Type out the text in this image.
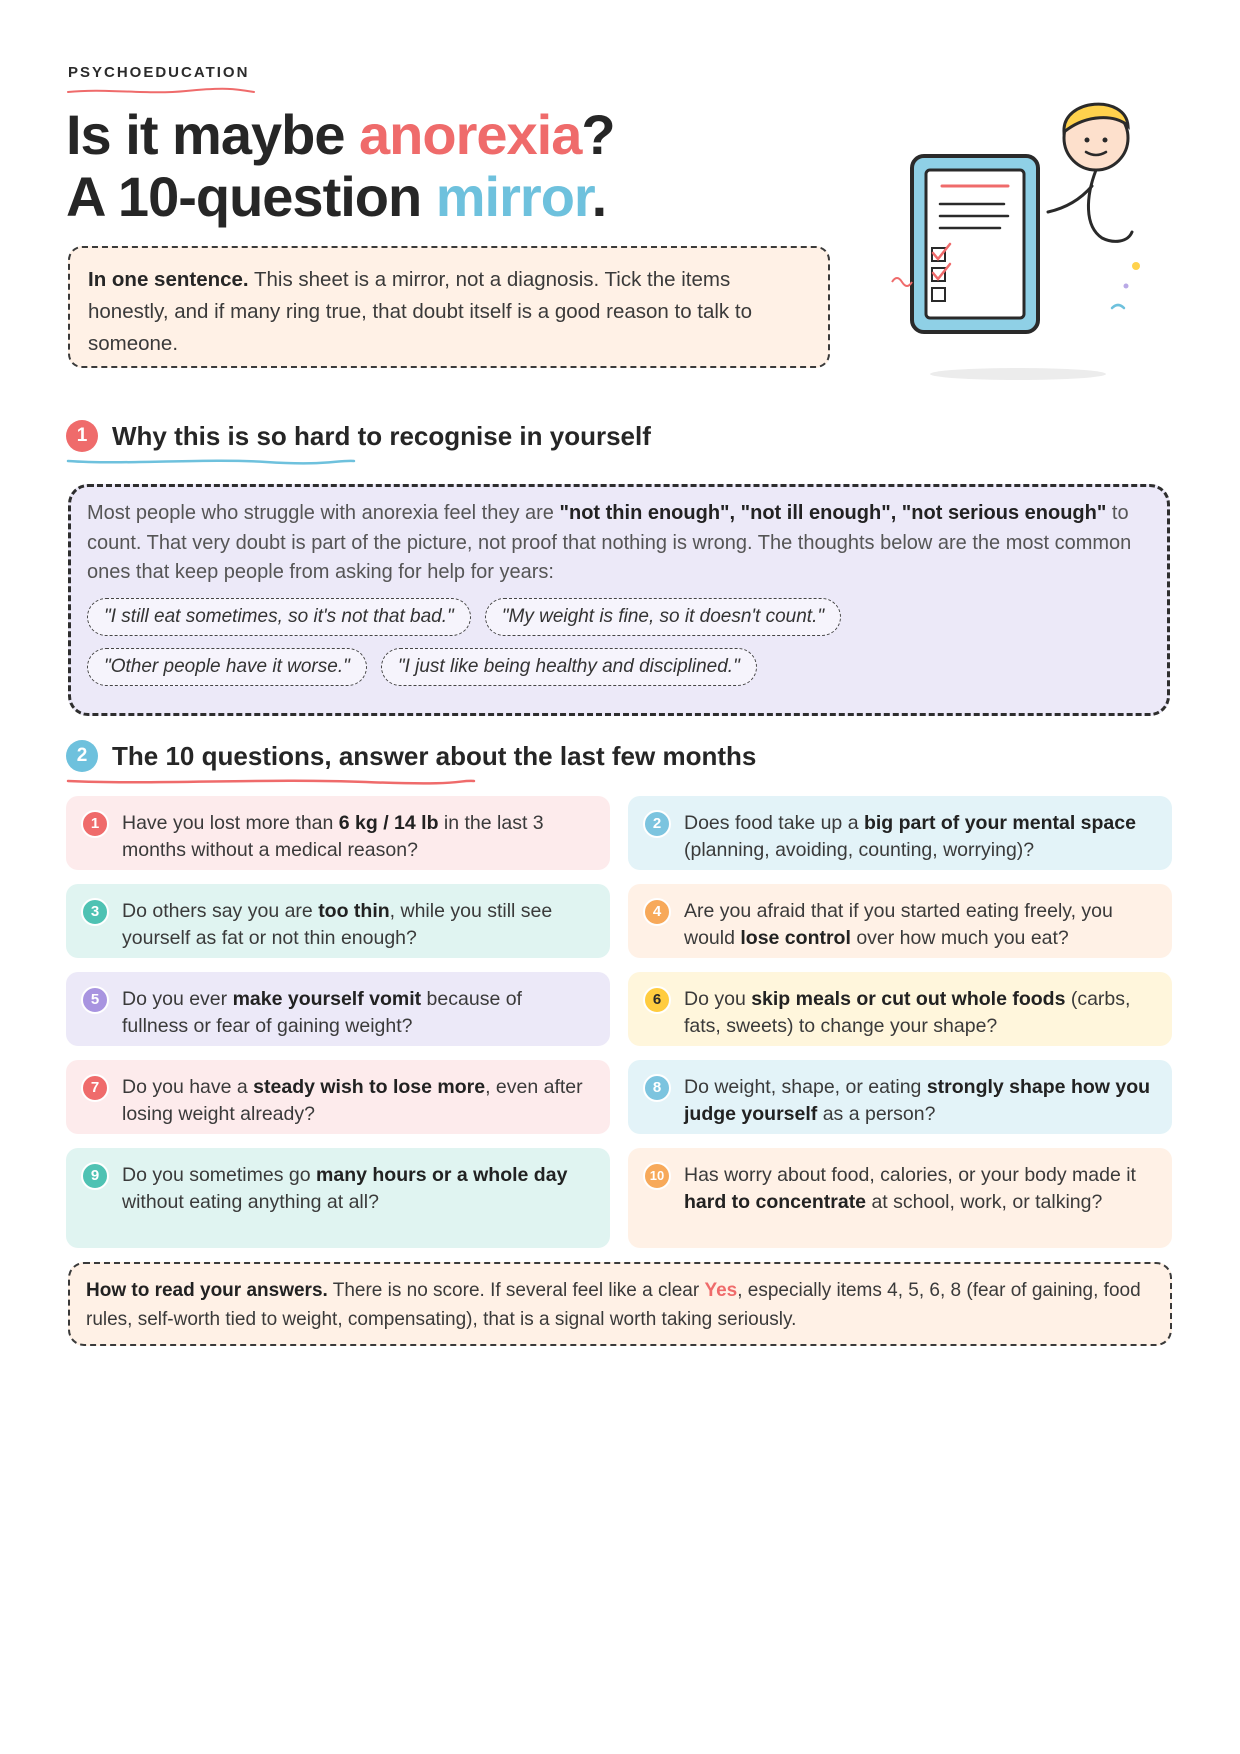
PSYCHOEDUCATION
Is it maybe anorexia?
A 10-question mirror.
In one sentence. This sheet is a mirror, not a diagnosis. Tick the items honestly, and if many ring true, that doubt itself is a good reason to talk to someone.
1 Why this is so hard to recognise in yourself
Most people who struggle with anorexia feel they are "not thin enough", "not ill enough", "not serious enough" to count. That very doubt is part of the picture, not proof that nothing is wrong. The thoughts below are the most common ones that keep people from asking for help for years:
"I still eat sometimes, so it's not that bad."	"My weight is fine, so it doesn't count."
"Other people have it worse."	"I just like being healthy and disciplined."
2 The 10 questions, answer about the last few months
1	Have you lost more than 6 kg / 14 lb in the last 3 months without a medical reason?
2	Does food take up a big part of your mental space (planning, avoiding, counting, worrying)?
3	Do others say you are too thin, while you still see yourself as fat or not thin enough?
4	Are you afraid that if you started eating freely, you would lose control over how much you eat?
5	Do you ever make yourself vomit because of fullness or fear of gaining weight?
6	Do you skip meals or cut out whole foods (carbs, fats, sweets) to change your shape?
7	Do you have a steady wish to lose more, even after losing weight already?
8	Do weight, shape, or eating strongly shape how you judge yourself as a person?
9	Do you sometimes go many hours or a whole day without eating anything at all?
10	Has worry about food, calories, or your body made it hard to concentrate at school, work, or talking?
How to read your answers. There is no score. If several feel like a clear Yes, especially items 4, 5, 6, 8 (fear of gaining, food rules, self-worth tied to weight, compensating), that is a signal worth taking seriously.
